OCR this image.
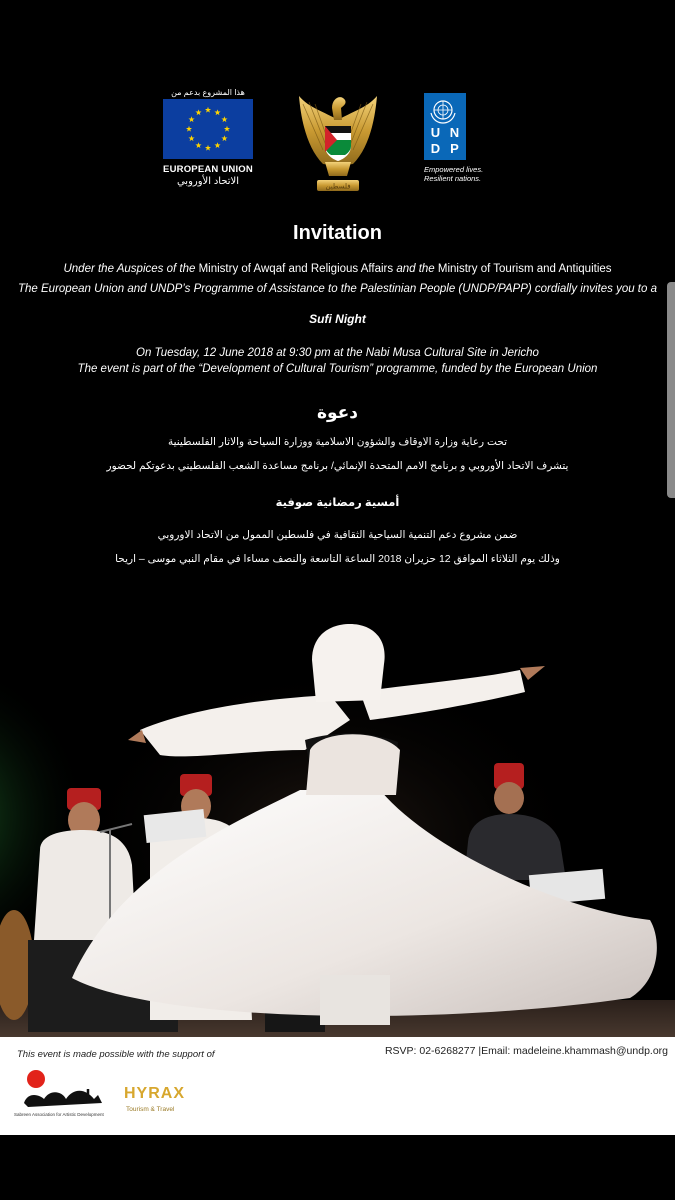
هذا المشروع بدعم من
EUROPEAN UNION
الاتحاد الأوروبي	فلسطين
U N
D P
Empowered lives.
Resilient nations.
Invitation
Under the Auspices of the Ministry of Awqaf and Religious Affairs and the Ministry of Tourism and Antiquities
The European Union and UNDP’s Programme of Assistance to the Palestinian People (UNDP/PAPP) cordially invites you to a
Sufi Night
On Tuesday, 12 June 2018 at 9:30 pm at the Nabi Musa Cultural Site in Jericho
The event is part of the “Development of Cultural Tourism” programme, funded by the European Union
دعوة
تحت رعاية وزارة الاوقاف والشؤون الاسلامية ووزارة السياحة والاثار الفلسطينية
يتشرف الاتحاد الأوروبي و برنامج الامم المتحدة الإنمائي/ برنامج مساعدة الشعب الفلسطيني بدعوتكم لحضور
أمسية رمضانية صوفية
ضمن مشروع دعم التنمية السياحية الثقافية في فلسطين الممول من الاتحاد الاوروبي
وذلك يوم الثلاثاء الموافق 12 حزيران 2018 الساعة التاسعة والنصف مساءا في مقام النبي موسى – اريحا
This event is made possible with the support of	RSVP: 02-6268277 |Email: madeleine.khammash@undp.org
Sabreen Association for Artistic Development
HYRAX
Tourism & Travel
